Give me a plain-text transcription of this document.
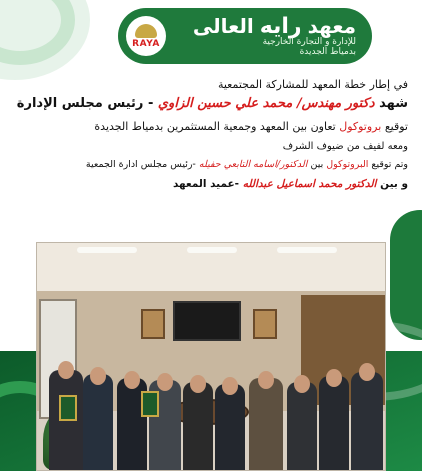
معهد
رايه
العالى
للإدارة و التجارة الخارجية
بدمياط الجديدة
RAYA
في إطار خطة المعهد للمشاركة المجتمعية
شهد دكتور مهندس/ محمد علي حسين الزاوي - رئيس مجلس الإدارة
توقيع بروتوكول تعاون بين المعهد وجمعية المستثمرين بدمياط الجديدة
ومعه لفيف من ضيوف الشرف
وتم توقيع البروتوكول بين الدكتور/اسامه التابعي حفيله -رئيس مجلس ادارة الجمعية
و بين الدكتور محمد اسماعيل عبدالله -عميد المعهد
